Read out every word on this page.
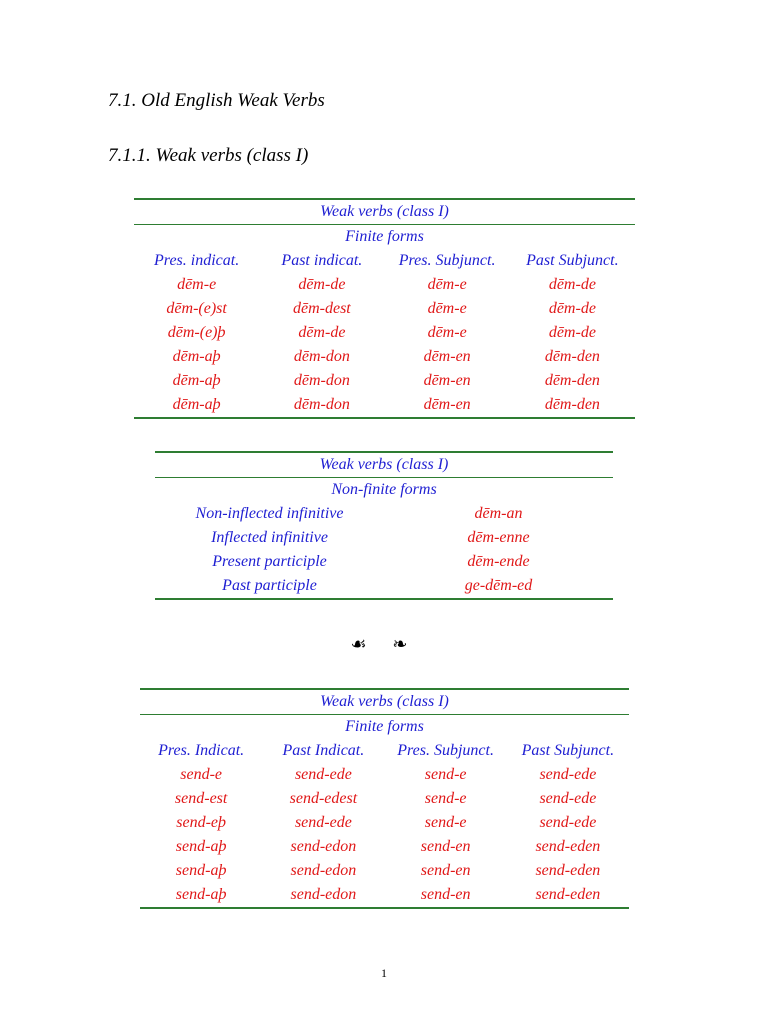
7.1. Old English Weak Verbs
7.1.1. Weak verbs (class I)
Weak verbs (class I)			
Finite forms			
Pres. indicat.	Past indicat.	Pres. Subjunct.	Past Subjunct.
dēm-e	dēm-de	dēm-e	dēm-de
dēm-(e)st	dēm-dest	dēm-e	dēm-de
dēm-(e)þ	dēm-de	dēm-e	dēm-de
dēm-aþ	dēm-don	dēm-en	dēm-den
dēm-aþ	dēm-don	dēm-en	dēm-den
dēm-aþ	dēm-don	dēm-en	dēm-den
Weak verbs (class I)	
Non-finite forms	
Non-inflected infinitive	dēm-an
Inflected infinitive	dēm-enne
Present participle	dēm-ende
Past participle	ge-dēm-ed
☙ ❧
Weak verbs (class I)			
Finite forms			
Pres. Indicat.	Past Indicat.	Pres. Subjunct.	Past Subjunct.
send-e	send-ede	send-e	send-ede
send-est	send-edest	send-e	send-ede
send-eþ	send-ede	send-e	send-ede
send-aþ	send-edon	send-en	send-eden
send-aþ	send-edon	send-en	send-eden
send-aþ	send-edon	send-en	send-eden
1
